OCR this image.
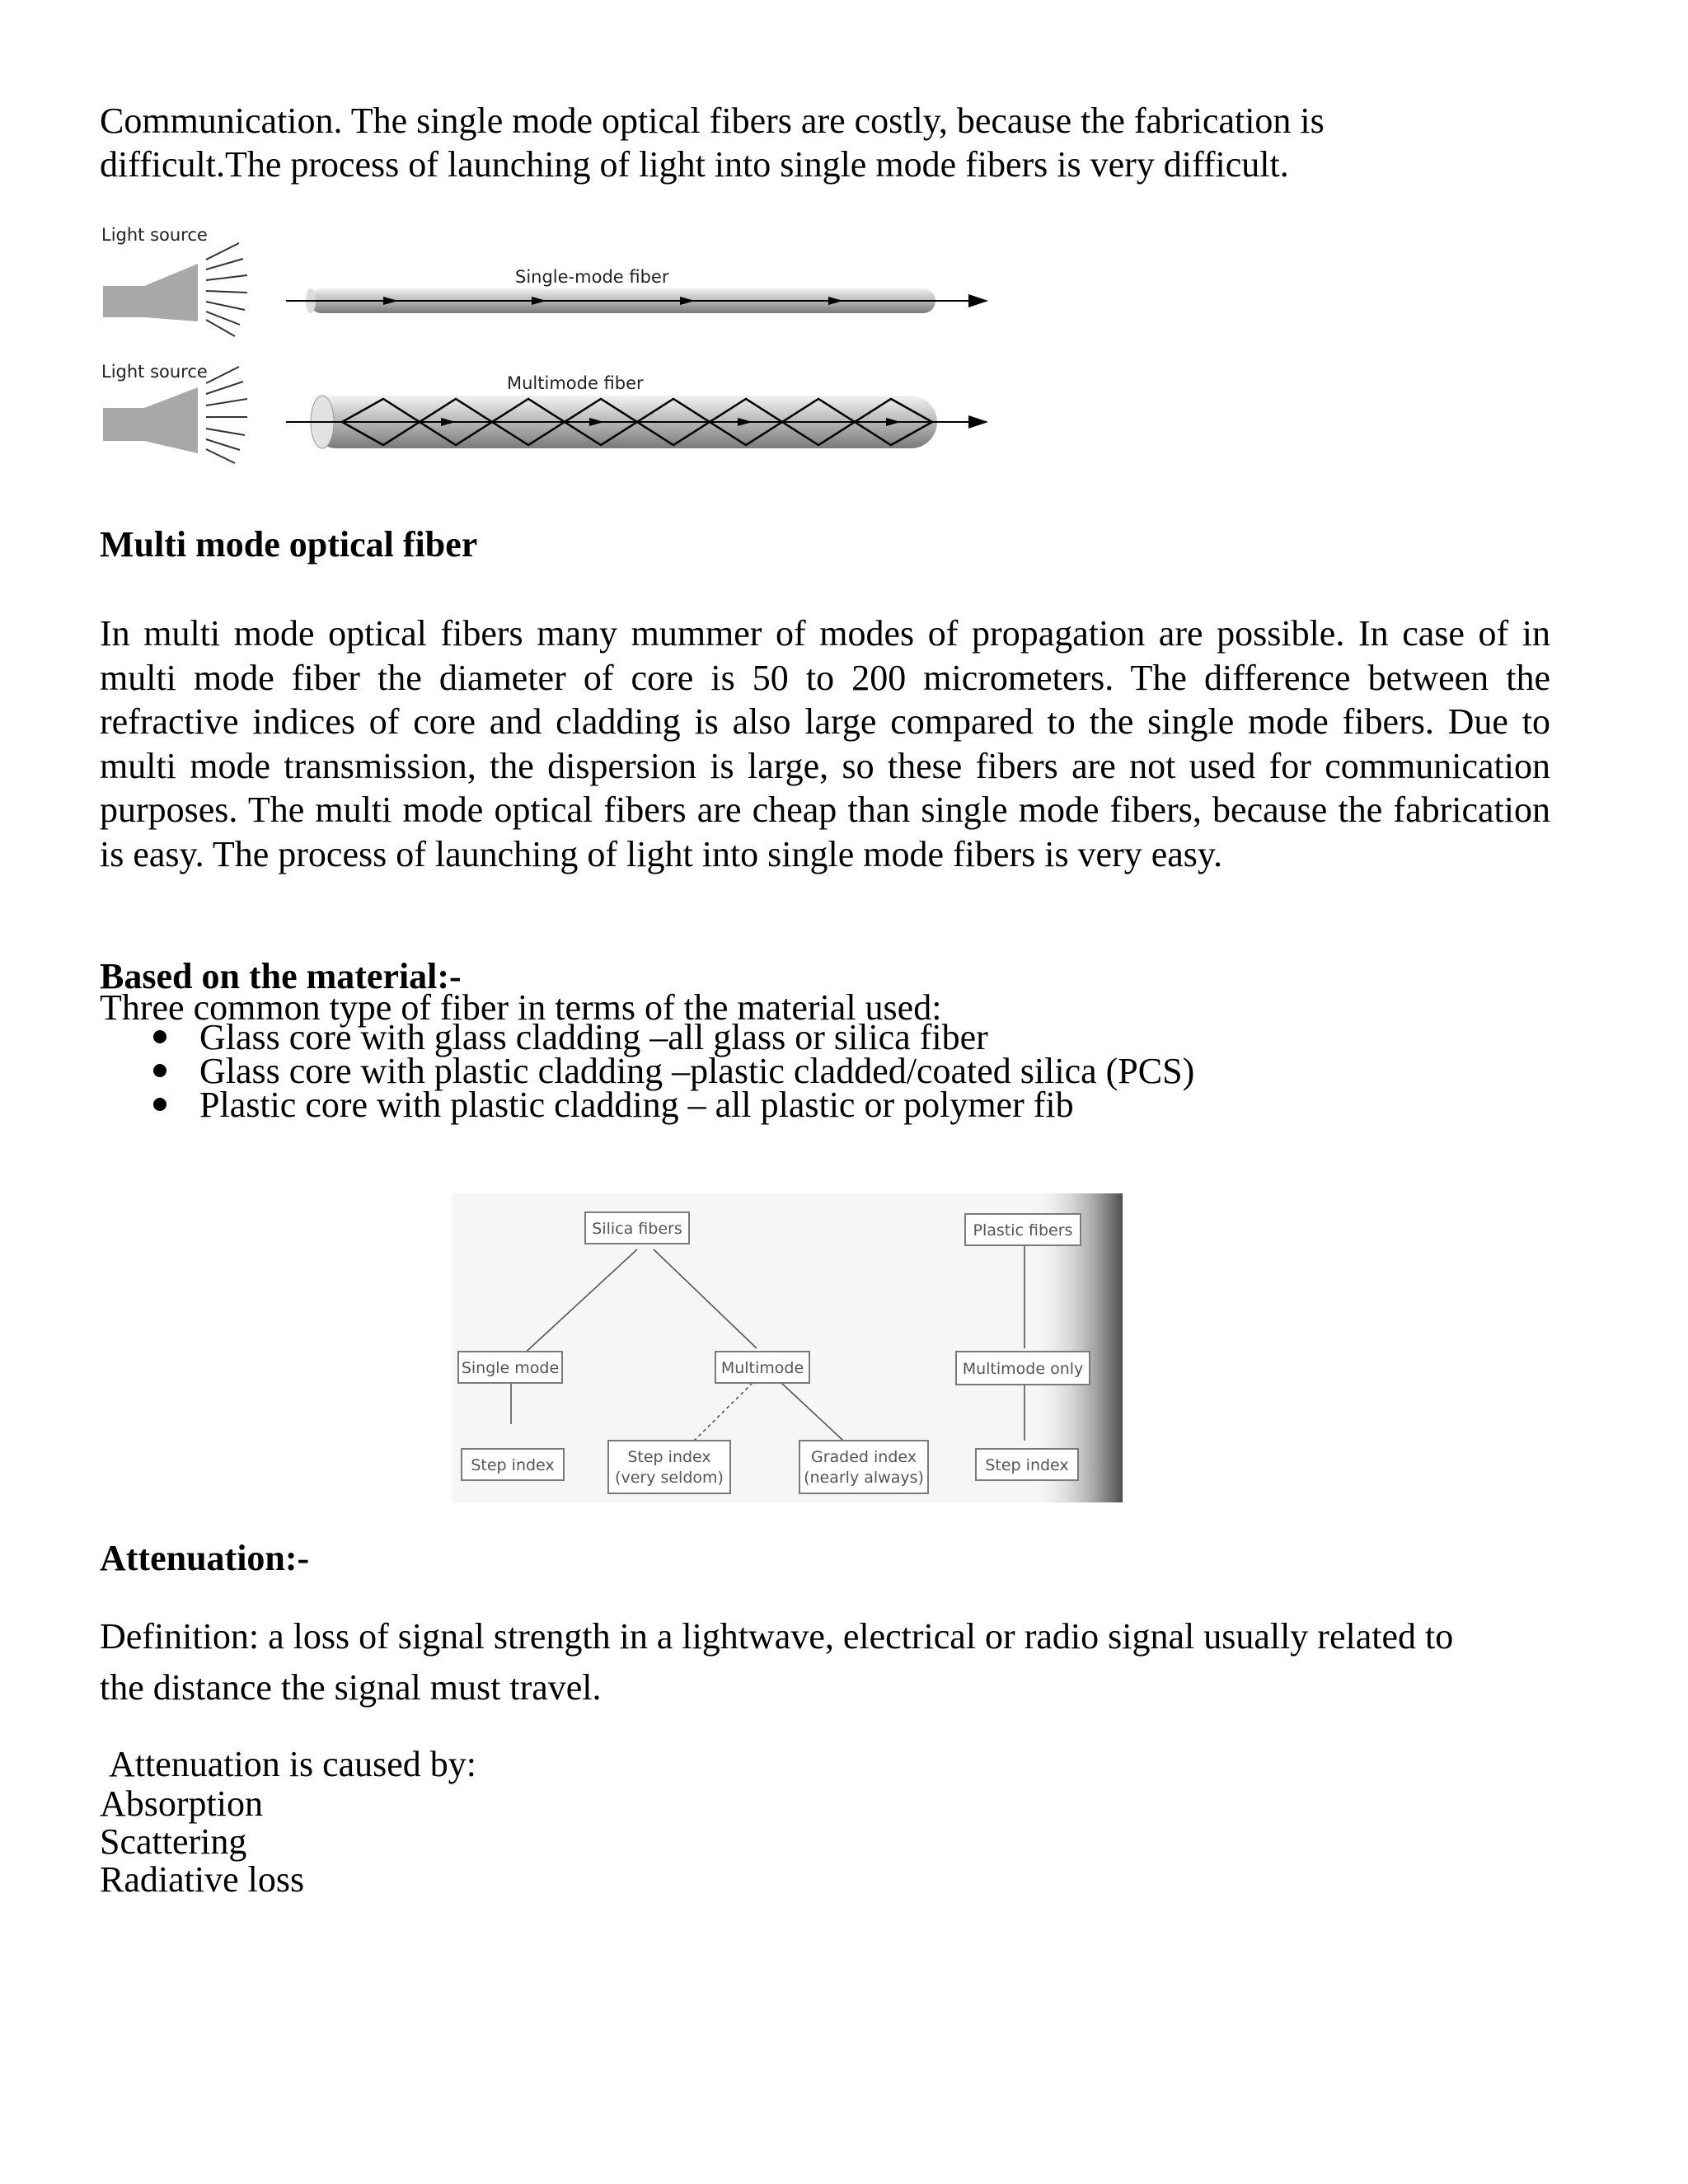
Communication. The single mode optical fibers are costly, because the fabrication is

difficult.The process of launching of light into single mode fibers is very difficult.

Light source
Single-mode fiber
Light source
Multimode fiber

Multi mode optical fiber

In multi mode optical fibers many mummer of modes of propagation are possible. In case of in multi mode fiber the diameter of core is 50 to 200 micrometers. The difference between the refractive indices of core and cladding is also large compared to the single mode fibers. Due to multi mode transmission, the dispersion is large, so these fibers are not used for communication purposes. The multi mode optical fibers are cheap than single mode fibers, because the fabrication is easy. The process of launching of light into single mode fibers is very easy.

Based on the material:-

Three common type of fiber in terms of the material used:

Glass core with glass cladding –all glass or silica fiber
Glass core with plastic cladding –plastic cladded/coated silica (PCS)
Plastic core with plastic cladding – all plastic or polymer fib
Silica fibers	Plastic fibers
Single mode	Multimode	Multimode only
Step index	Step index
(very seldom)
Graded index
(nearly always)
Step index

Attenuation:-

Definition: a loss of signal strength in a lightwave, electrical or radio signal usually related to

the distance the signal must travel.

Attenuation is caused by:

Absorption
Scattering
Radiative loss
